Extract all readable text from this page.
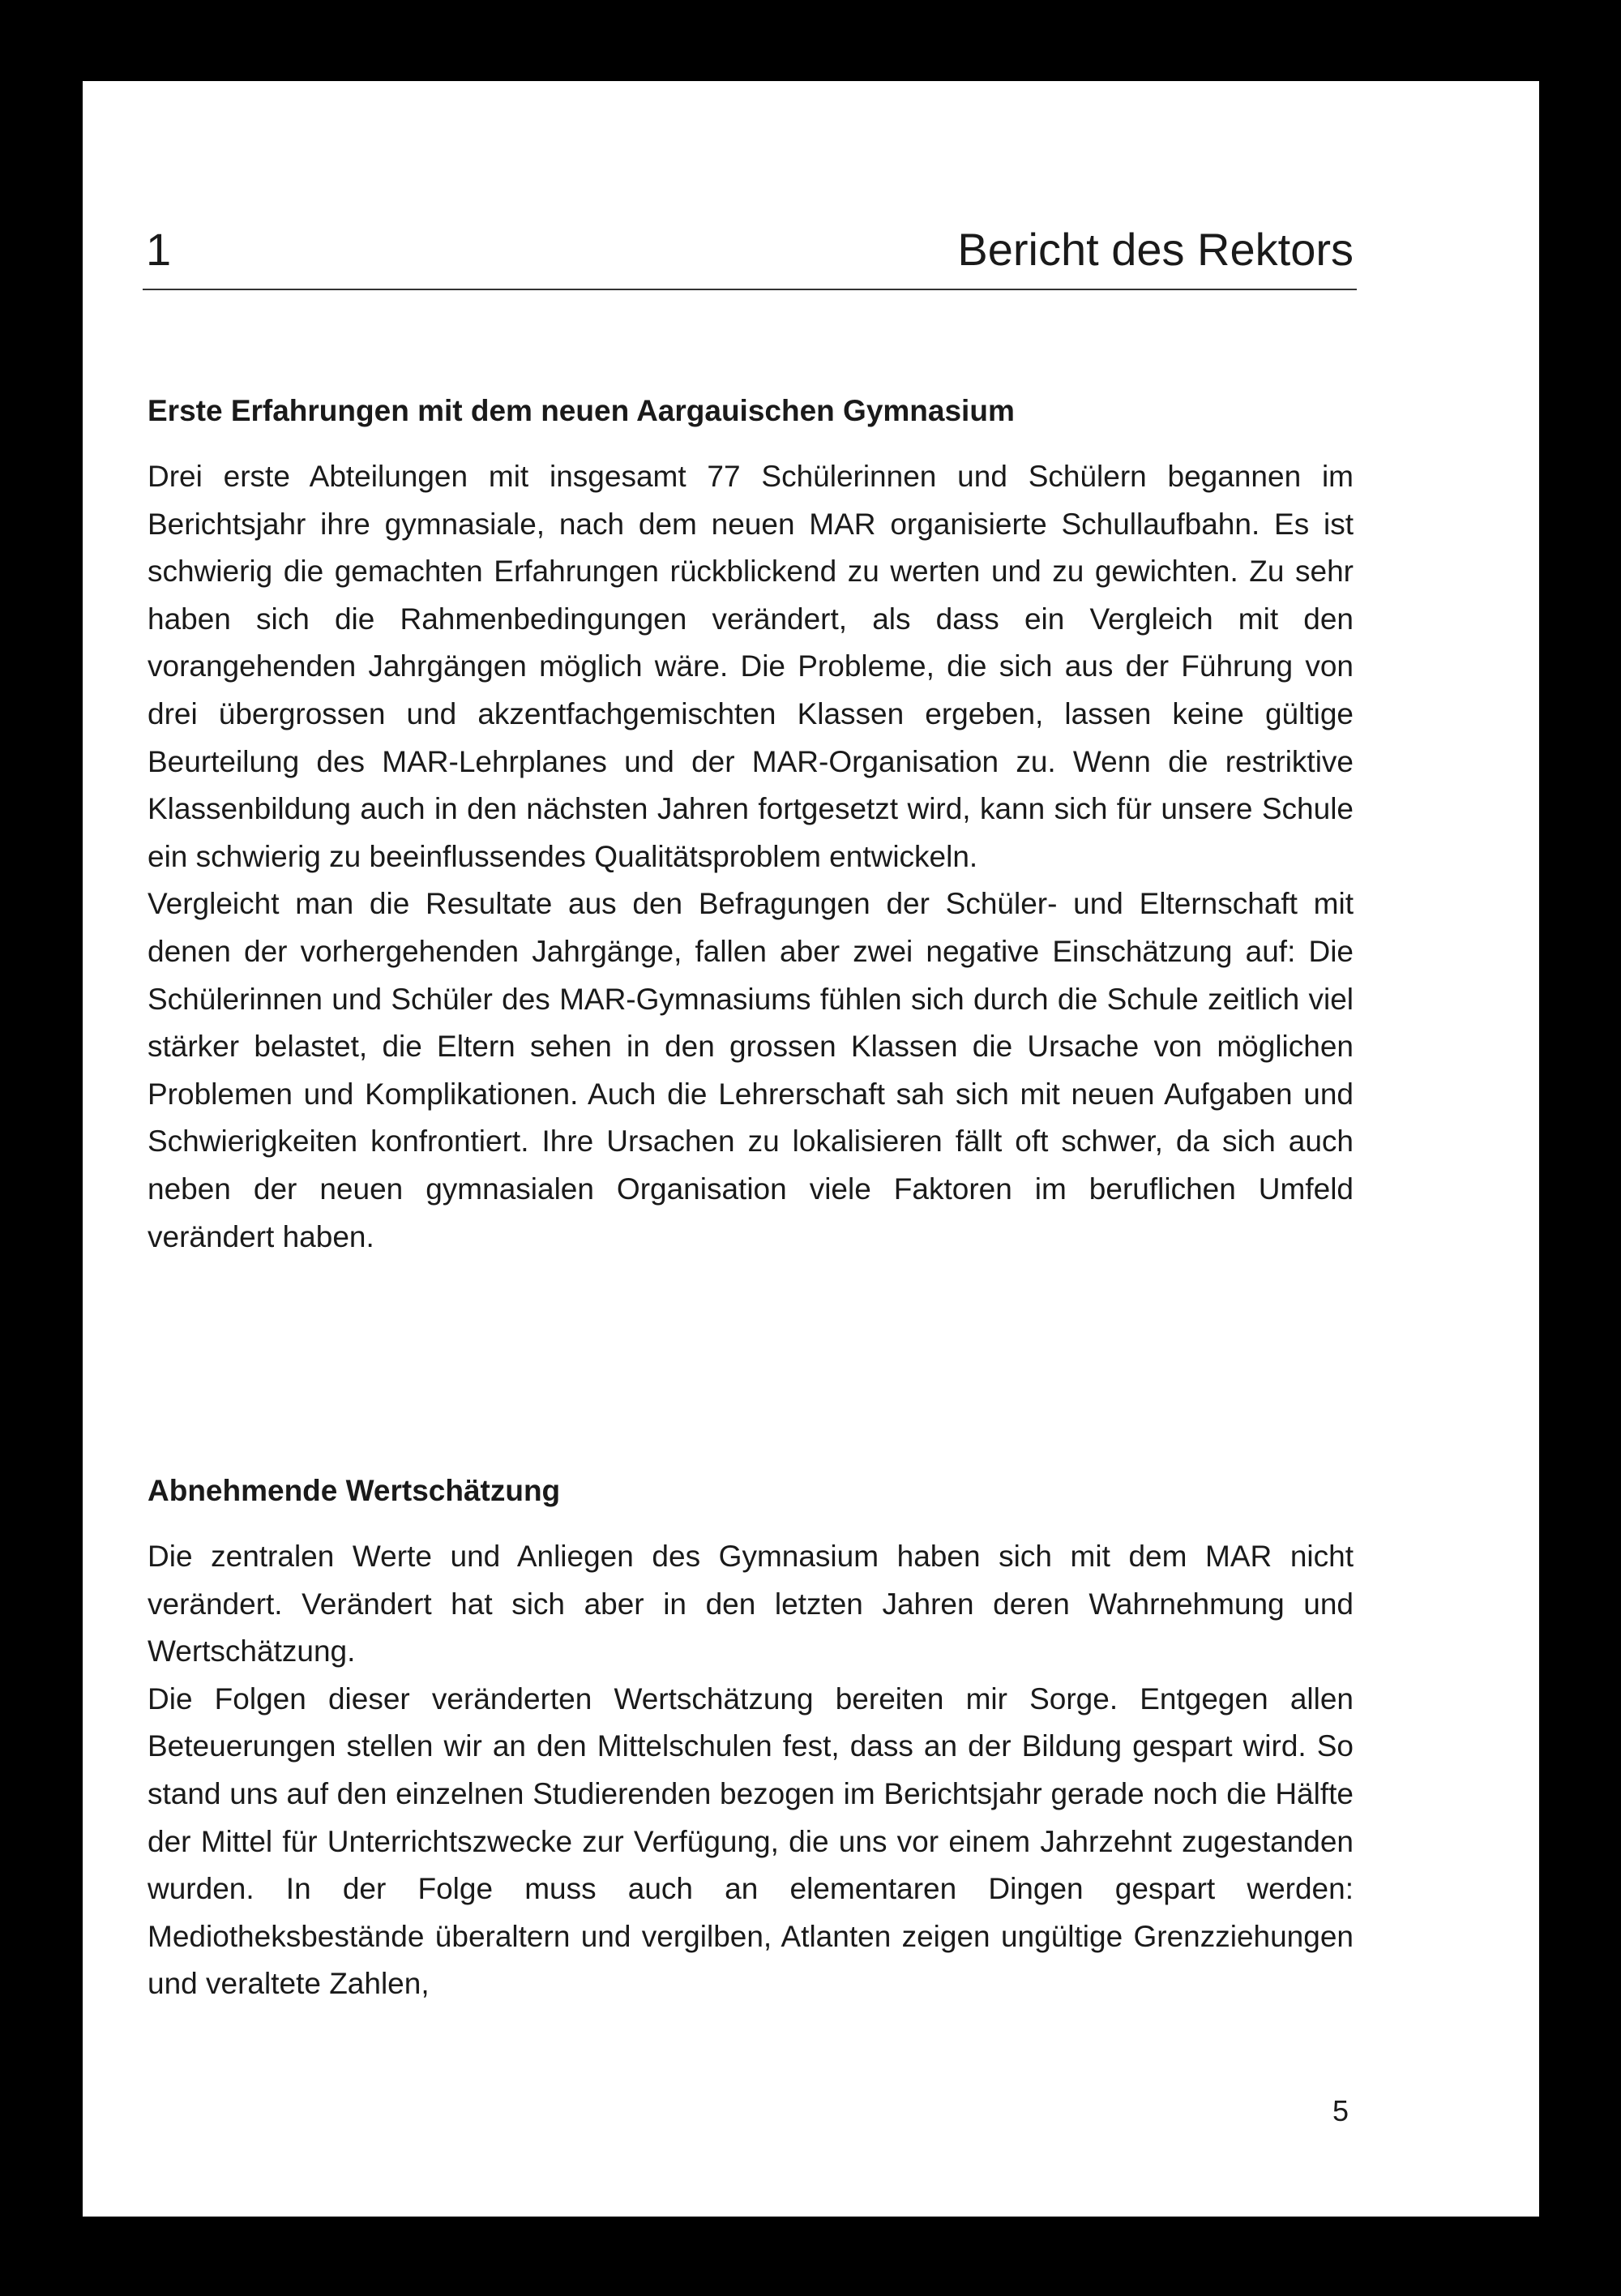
1	Bericht des Rektors
Erste Erfahrungen mit dem neuen Aargauischen Gymnasium

Drei erste Abteilungen mit insgesamt 77 Schülerinnen und Schülern begannen im Berichtsjahr ihre gymnasiale, nach dem neuen MAR organisierte Schullaufbahn. Es ist schwierig die gemachten Erfahrungen rückblickend zu werten und zu gewichten. Zu sehr haben sich die Rahmenbedingungen verändert, als dass ein Vergleich mit den vorangehenden Jahrgängen möglich wäre. Die Probleme, die sich aus der Führung von drei übergrossen und akzentfachgemischten Klassen ergeben, lassen keine gültige Beurteilung des MAR-Lehrplanes und der MAR-Organisation zu. Wenn die restriktive Klassenbildung auch in den nächsten Jahren fortgesetzt wird, kann sich für unsere Schule ein schwierig zu beeinflussendes Qualitätsproblem entwickeln.

Vergleicht man die Resultate aus den Befragungen der Schüler- und Elternschaft mit denen der vorhergehenden Jahrgänge, fallen aber zwei negative Einschätzung auf: Die Schülerinnen und Schüler des MAR-Gymnasiums fühlen sich durch die Schule zeitlich viel stärker belastet, die Eltern sehen in den grossen Klassen die Ursache von möglichen Problemen und Komplikationen. Auch die Lehrerschaft sah sich mit neuen Aufgaben und Schwierigkeiten konfrontiert. Ihre Ursachen zu lokalisieren fällt oft schwer, da sich auch neben der neuen gymnasialen Organisation viele Faktoren im beruflichen Umfeld verändert haben.

Abnehmende Wertschätzung

Die zentralen Werte und Anliegen des Gymnasium haben sich mit dem MAR nicht verändert. Verändert hat sich aber in den letzten Jahren deren Wahrnehmung und Wertschätzung.

Die Folgen dieser veränderten Wertschätzung bereiten mir Sorge. Entgegen allen Beteuerungen stellen wir an den Mittelschulen fest, dass an der Bildung gespart wird. So stand uns auf den einzelnen Studierenden bezogen im Berichtsjahr gerade noch die Hälfte der Mittel für Unterrichtszwecke zur Verfügung, die uns vor einem Jahrzehnt zugestanden wurden. In der Folge muss auch an elementaren Dingen gespart werden: Mediotheksbestände überaltern und vergilben, Atlanten zeigen ungültige Grenzziehungen und veraltete Zahlen,

5
